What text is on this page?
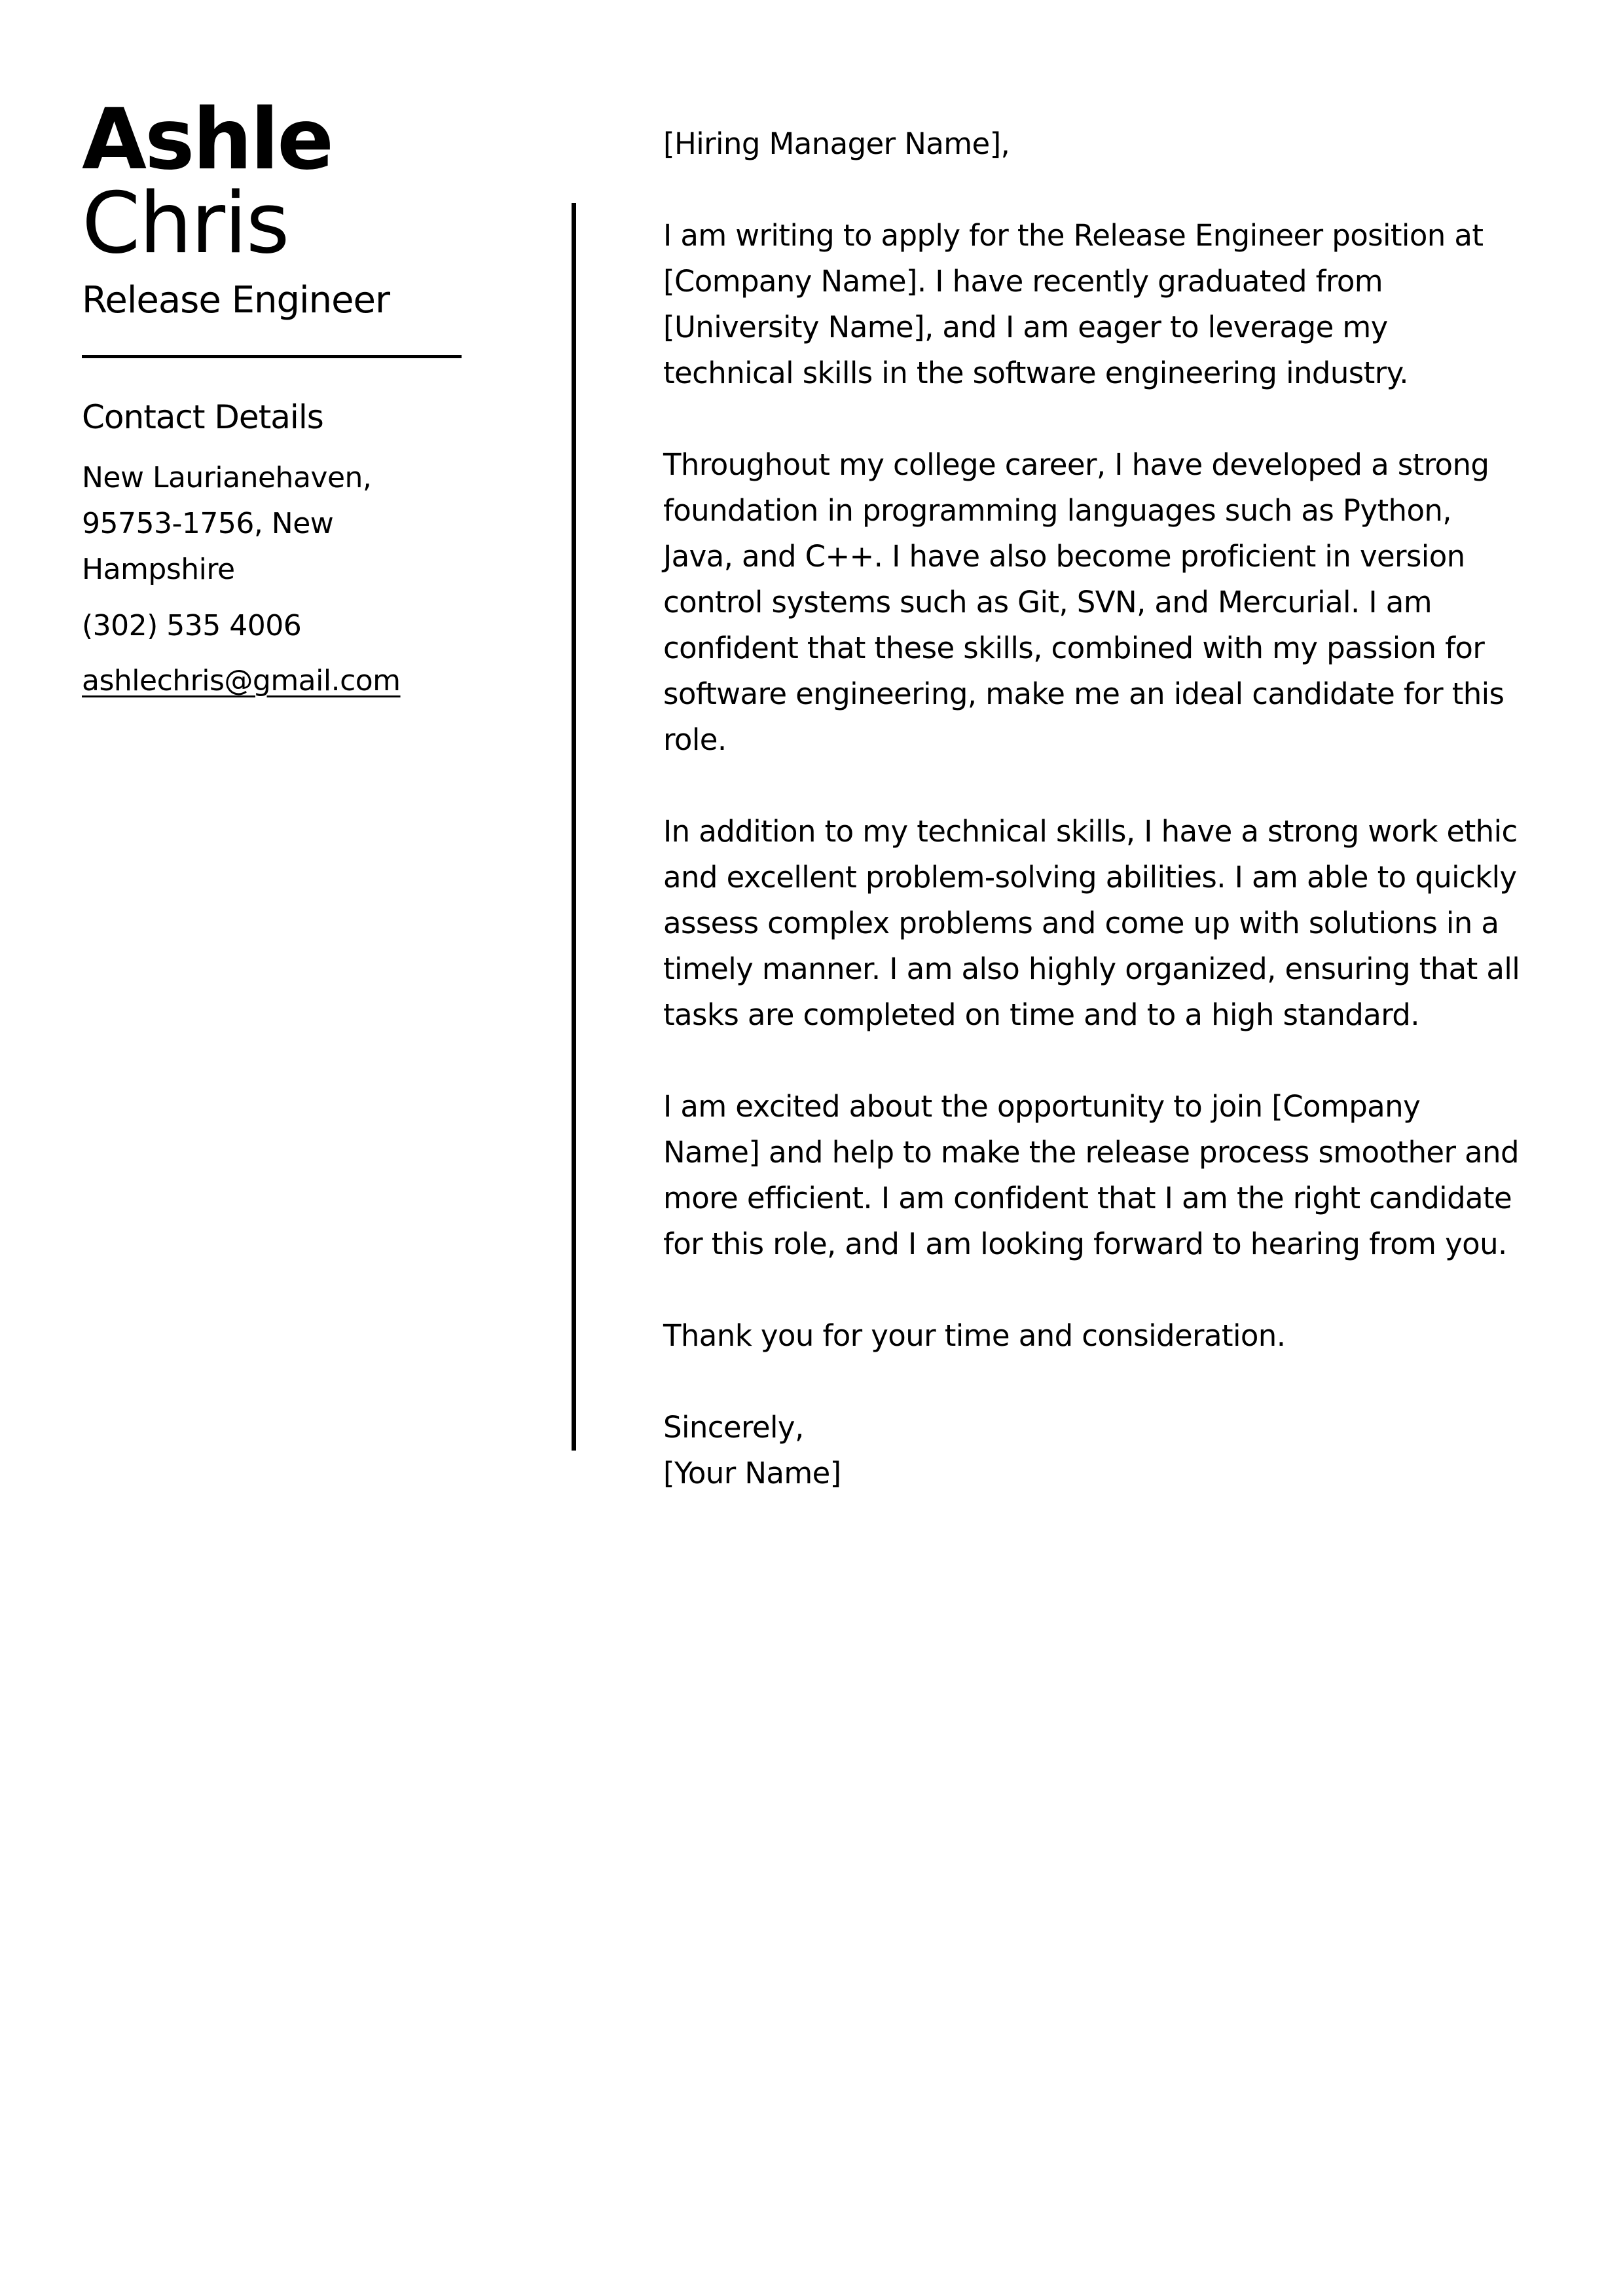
Ashle
Chris
Release Engineer
Contact Details
New Laurianehaven, 95753-1756, New Hampshire
(302) 535 4006
ashlechris@gmail.com

[Hiring Manager Name],

I am writing to apply for the Release Engineer position at [Company Name]. I have recently graduated from [University Name], and I am eager to leverage my technical skills in the software engineering industry.

Throughout my college career, I have developed a strong foundation in programming languages such as Python, Java, and C++. I have also become proficient in version control systems such as Git, SVN, and Mercurial. I am confident that these skills, combined with my passion for software engineering, make me an ideal candidate for this role.

In addition to my technical skills, I have a strong work ethic and excellent problem-solving abilities. I am able to quickly assess complex problems and come up with solutions in a timely manner. I am also highly organized, ensuring that all tasks are completed on time and to a high standard.

I am excited about the opportunity to join [Company Name] and help to make the release process smoother and more efficient. I am confident that I am the right candidate for this role, and I am looking forward to hearing from you.

Thank you for your time and consideration.

Sincerely,
[Your Name]
